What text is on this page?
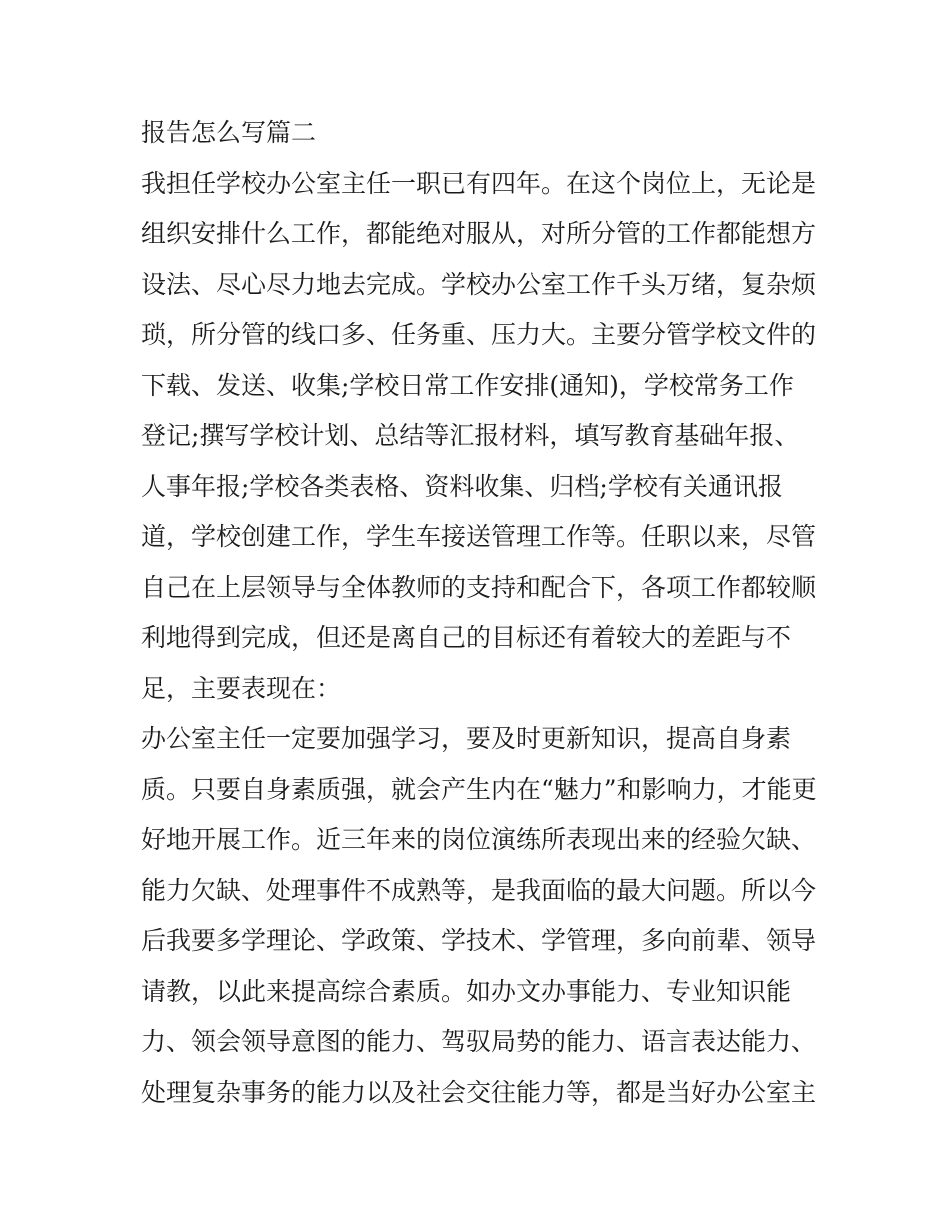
报告怎么写篇二
我担任学校办公室主任一职已有四年。在这个岗位上，无论是
组织安排什么工作，都能绝对服从，对所分管的工作都能想方
设法、尽心尽力地去完成。学校办公室工作千头万绪，复杂烦
琐，所分管的线口多、任务重、压力大。主要分管学校文件的
下载、发送、收集;学校日常工作安排(通知)，学校常务工作
登记;撰写学校计划、总结等汇报材料，填写教育基础年报、
人事年报;学校各类表格、资料收集、归档;学校有关通讯报
道，学校创建工作，学生车接送管理工作等。任职以来，尽管
自己在上层领导与全体教师的支持和配合下，各项工作都较顺
利地得到完成，但还是离自己的目标还有着较大的差距与不
足，主要表现在：
办公室主任一定要加强学习，要及时更新知识，提高自身素
质。只要自身素质强，就会产生内在“魅力”和影响力，才能更
好地开展工作。近三年来的岗位演练所表现出来的经验欠缺、
能力欠缺、处理事件不成熟等，是我面临的最大问题。所以今
后我要多学理论、学政策、学技术、学管理，多向前辈、领导
请教，以此来提高综合素质。如办文办事能力、专业知识能
力、领会领导意图的能力、驾驭局势的能力、语言表达能力、
处理复杂事务的能力以及社会交往能力等，都是当好办公室主
